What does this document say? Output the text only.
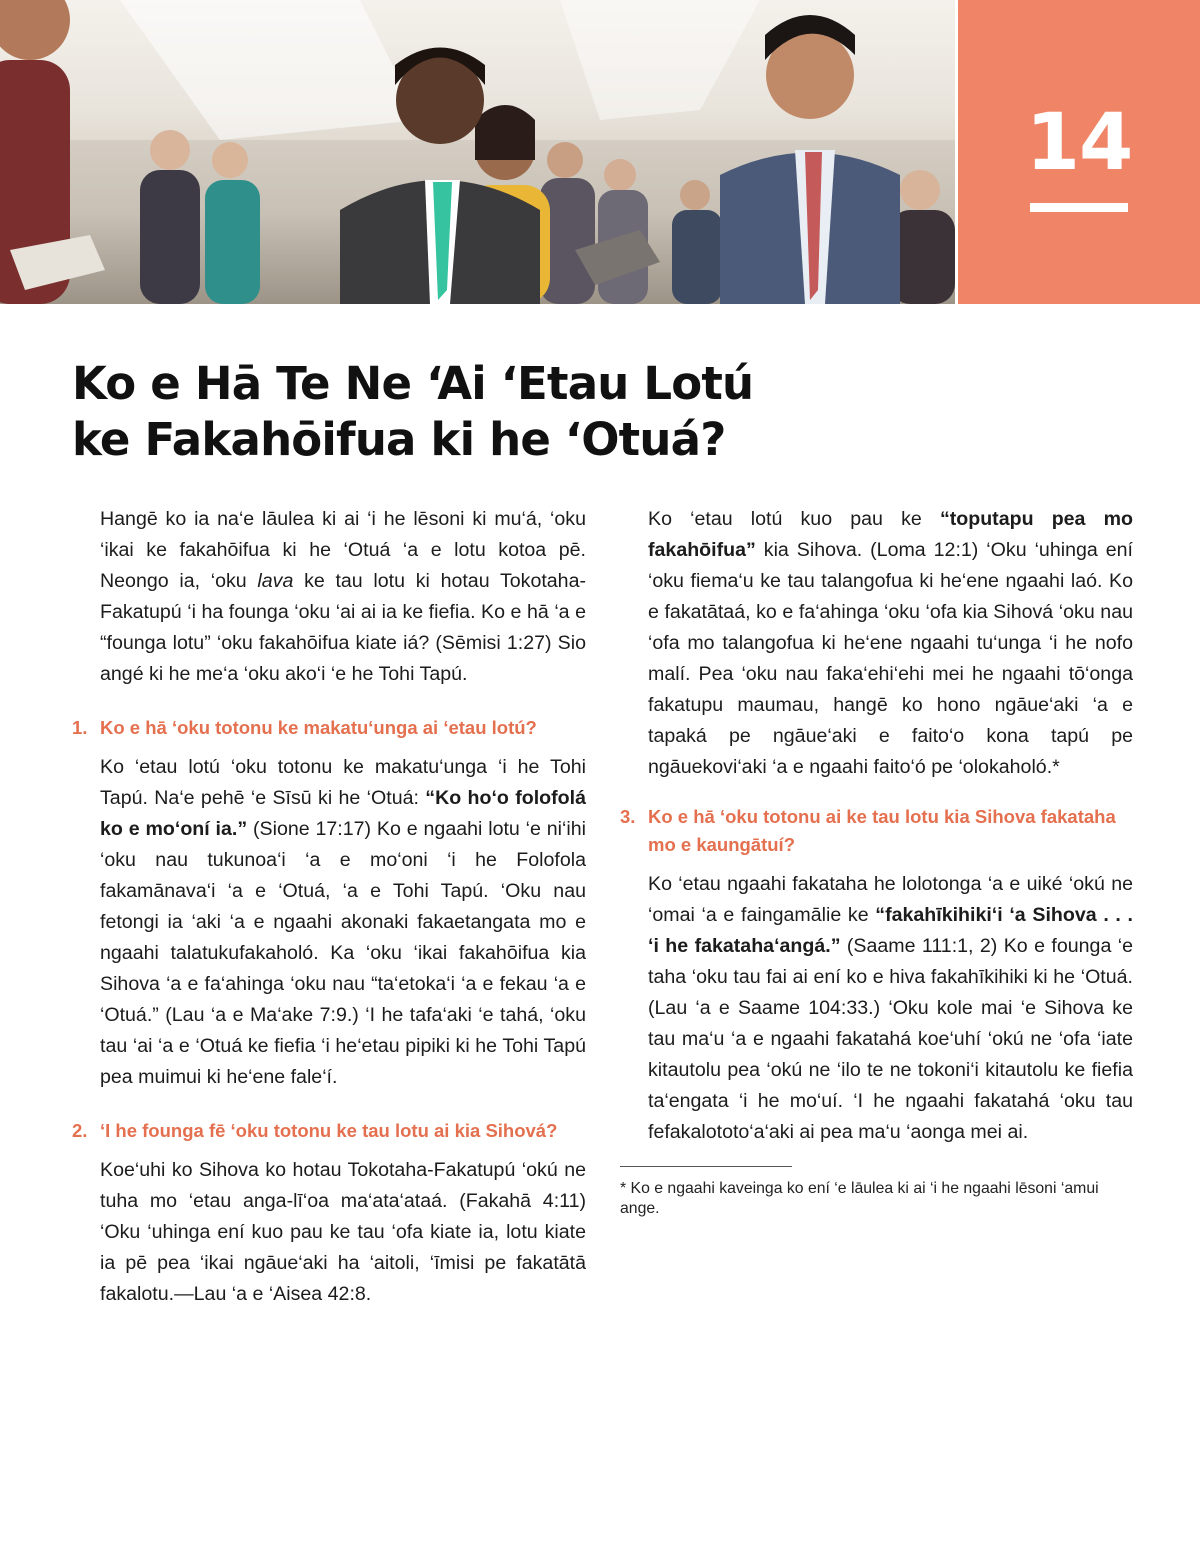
14
Ko e Hā Te Ne ‘Ai ‘Etau Lotú
ke Fakahōifua ki he ‘Otuá?

Hangē ko ia na‘e lāulea ki ai ‘i he lēsoni ki mu‘á, ‘oku ‘ikai ke fakahōifua ki he ‘Otuá ‘a e lotu kotoa pē. Neongo ia, ‘oku lava ke tau lotu ki hotau Tokotaha-Fakatupú ‘i ha founga ‘oku ‘ai ai ia ke fiefia. Ko e hā ‘a e “founga lotu” ‘oku fakahōifua kiate iá? (Sēmisi 1:27) Sio angé ki he me‘a ‘oku ako‘i ‘e he Tohi Tapú.

1. Ko e hā ‘oku totonu ke makatu‘unga ai ‘etau lotú?

Ko ‘etau lotú ‘oku totonu ke makatu‘unga ‘i he Tohi Tapú. Na‘e pehē ‘e Sīsū ki he ‘Otuá: “Ko ho‘o folofolá ko e mo‘oní ia.” (Sione 17:17) Ko e ngaahi lotu ‘e ni‘ihi ‘oku nau tukunoa‘i ‘a e mo‘oni ‘i he Folofola fakamānava‘i ‘a e ‘Otuá, ‘a e Tohi Tapú. ‘Oku nau fetongi ia ‘aki ‘a e ngaahi akonaki fakaetangata mo e ngaahi talatukufakaholó. Ka ‘oku ‘ikai fakahōifua kia Sihova ‘a e fa‘ahinga ‘oku nau “ta‘etoka‘i ‘a e fekau ‘a e ‘Otuá.” (Lau ‘a e Ma‘ake 7:9.) ‘I he tafa‘aki ‘e tahá, ‘oku tau ‘ai ‘a e ‘Otuá ke fiefia ‘i he‘etau pipiki ki he Tohi Tapú pea muimui ki he‘ene fale‘í.

2. ‘I he founga fē ‘oku totonu ke tau lotu ai kia Sihová?

Koe‘uhi ko Sihova ko hotau Tokotaha-Fakatupú ‘okú ne tuha mo ‘etau anga-lī‘oa ma‘ata‘ataá. (Fakahā 4:11) ‘Oku ‘uhinga ení kuo pau ke tau ‘ofa kiate ia, lotu kiate ia pē pea ‘ikai ngāue‘aki ha ‘aitoli, ‘īmisi pe fakatātā fakalotu.—Lau ‘a e ‘Aisea 42:8.

Ko ‘etau lotú kuo pau ke “toputapu pea mo fakahōifua” kia Sihova. (Loma 12:1) ‘Oku ‘uhinga ení ‘oku fiema‘u ke tau talangofua ki he‘ene ngaahi laó. Ko e fakatātaá, ko e fa‘ahinga ‘oku ‘ofa kia Sihová ‘oku nau ‘ofa mo talangofua ki he‘ene ngaahi tu‘unga ‘i he nofo malí. Pea ‘oku nau faka‘ehi‘ehi mei he ngaahi tō‘onga fakatupu maumau, hangē ko hono ngāue‘aki ‘a e tapaká pe ngāue‘aki e faito‘o kona tapú pe ngāuekovi‘aki ‘a e ngaahi faito‘ó pe ‘olokaholó.*

3. Ko e hā ‘oku totonu ai ke tau lotu kia Sihova fakataha mo e kaungātuí?

Ko ‘etau ngaahi fakataha he lolotonga ‘a e uiké ‘okú ne ‘omai ‘a e faingamālie ke “fakahīkihiki‘i ‘a Sihova . . . ‘i he fakataha‘angá.” (Saame 111:1, 2) Ko e founga ‘e taha ‘oku tau fai ai ení ko e hiva fakahīkihiki ki he ‘Otuá. (Lau ‘a e Saame 104:33.) ‘Oku kole mai ‘e Sihova ke tau ma‘u ‘a e ngaahi fakatahá koe‘uhí ‘okú ne ‘ofa ‘iate kitautolu pea ‘okú ne ‘ilo te ne tokoni‘i kitautolu ke fiefia ta‘engata ‘i he mo‘uí. ‘I he ngaahi fakatahá ‘oku tau fefakalototo‘a‘aki ai pea ma‘u ‘aonga mei ai.

* Ko e ngaahi kaveinga ko ení ‘e lāulea ki ai ‘i he ngaahi lēsoni ‘amui ange.
